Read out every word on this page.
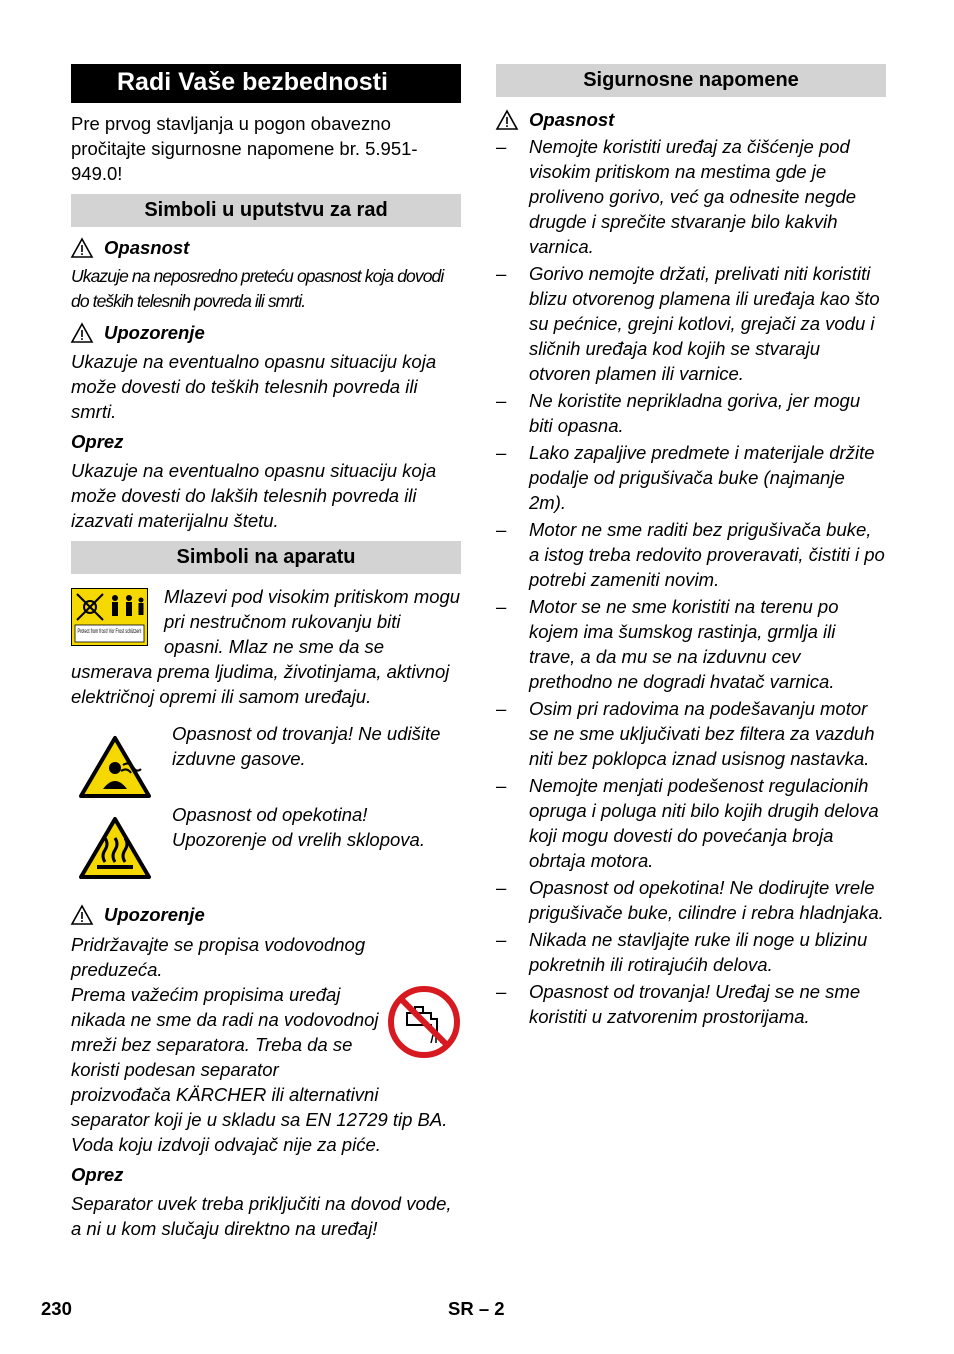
Radi Vaše bezbednosti

Pre prvog stavljanja u pogon obavezno pročitajte sigurnosne napomene br. 5.951-949.0!

Simboli u uputstvu za rad
Opasnost

Ukazuje na neposredno preteću opasnost koja dovodi do teških telesnih povreda ili smrti.

Upozorenje

Ukazuje na eventualno opasnu situaciju koja može dovesti do teških telesnih povreda ili smrti.

Oprez

Ukazuje na eventualno opasnu situaciju koja može dovesti do lakših telesnih povreda ili izazvati materijalnu štetu.

Simboli na aparatu
Protect from frost! Vor Frost schützen!

Mlazevi pod visokim pritiskom mogu pri nestručnom rukovanju biti opasni. Mlaz ne sme da se usmerava prema ljudima, životinjama, aktivnoj električnoj opremi ili samom uređaju.

Opasnost od trovanja! Ne udišite izduvne gasove.

Opasnost od opekotina! Upozorenje od vrelih sklopova.

Upozorenje

Pridržavajte se propisa vodovodnog preduzeća.

Prema važećim propisima uređaj nikada ne sme da radi na vodovodnoj mreži bez separatora. Treba da se koristi podesan separator proizvođača KÄRCHER ili alternativni separator koji je u skladu sa EN 12729 tip BA. Voda koju izdvoji odvajač nije za piće.

Oprez

Separator uvek treba priključiti na dovod vode, a ni u kom slučaju direktno na uređaj!

Sigurnosne napomene
Opasnost
– Nemojte koristiti uređaj za čišćenje pod visokim pritiskom na mestima gde je proliveno gorivo, već ga odnesite negde drugde i sprečite stvaranje bilo kakvih varnica.
– Gorivo nemojte držati, prelivati niti koristiti blizu otvorenog plamena ili uređaja kao što su pećnice, grejni kotlovi, grejači za vodu i sličnih uređaja kod kojih se stvaraju otvoren plamen ili varnice.
– Ne koristite neprikladna goriva, jer mogu biti opasna.
– Lako zapaljive predmete i materijale držite podalje od prigušivača buke (najmanje 2m).
– Motor ne sme raditi bez prigušivača buke, a istog treba redovito proveravati, čistiti i po potrebi zameniti novim.
– Motor se ne sme koristiti na terenu po kojem ima šumskog rastinja, grmlja ili trave, a da mu se na izduvnu cev prethodno ne dogradi hvatač varnica.
– Osim pri radovima na podešavanju motor se ne sme uključivati bez filtera za vazduh niti bez poklopca iznad usisnog nastavka.
– Nemojte menjati podešenost regulacionih opruga i poluga niti bilo kojih drugih delova koji mogu dovesti do povećanja broja obrtaja motora.
– Opasnost od opekotina! Ne dodirujte vrele prigušivače buke, cilindre i rebra hladnjaka.
– Nikada ne stavljajte ruke ili noge u blizinu pokretnih ili rotirajućih delova.
– Opasnost od trovanja! Uređaj se ne sme koristiti u zatvorenim prostorijama.
230	SR – 2
